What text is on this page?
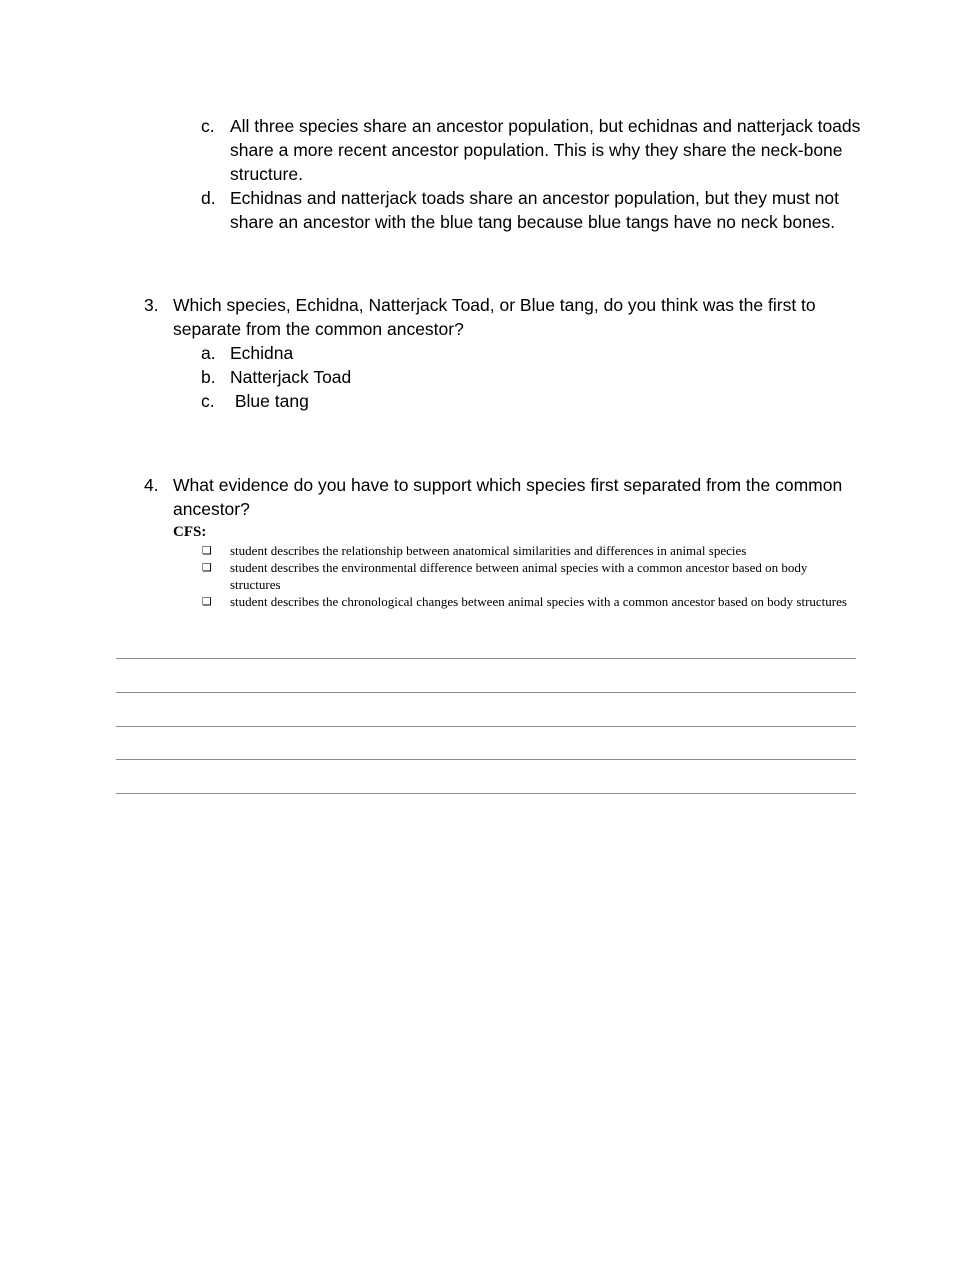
c. All three species share an ancestor population, but echidnas and natterjack toads share a more recent ancestor population. This is why they share the neck-bone structure.
d. Echidnas and natterjack toads share an ancestor population, but they must not share an ancestor with the blue tang because blue tangs have no neck bones.
3. Which species, Echidna, Natterjack Toad, or Blue tang, do you think was the first to separate from the common ancestor?
a. Echidna
b. Natterjack Toad
c. Blue tang
4. What evidence do you have to support which species first separated from the common ancestor?
CFS:
❏ student describes the relationship between anatomical similarities and differences in animal species
❏ student describes the environmental difference between animal species with a common ancestor based on body structures
❏ student describes the chronological changes between animal species with a common ancestor based on body structures
